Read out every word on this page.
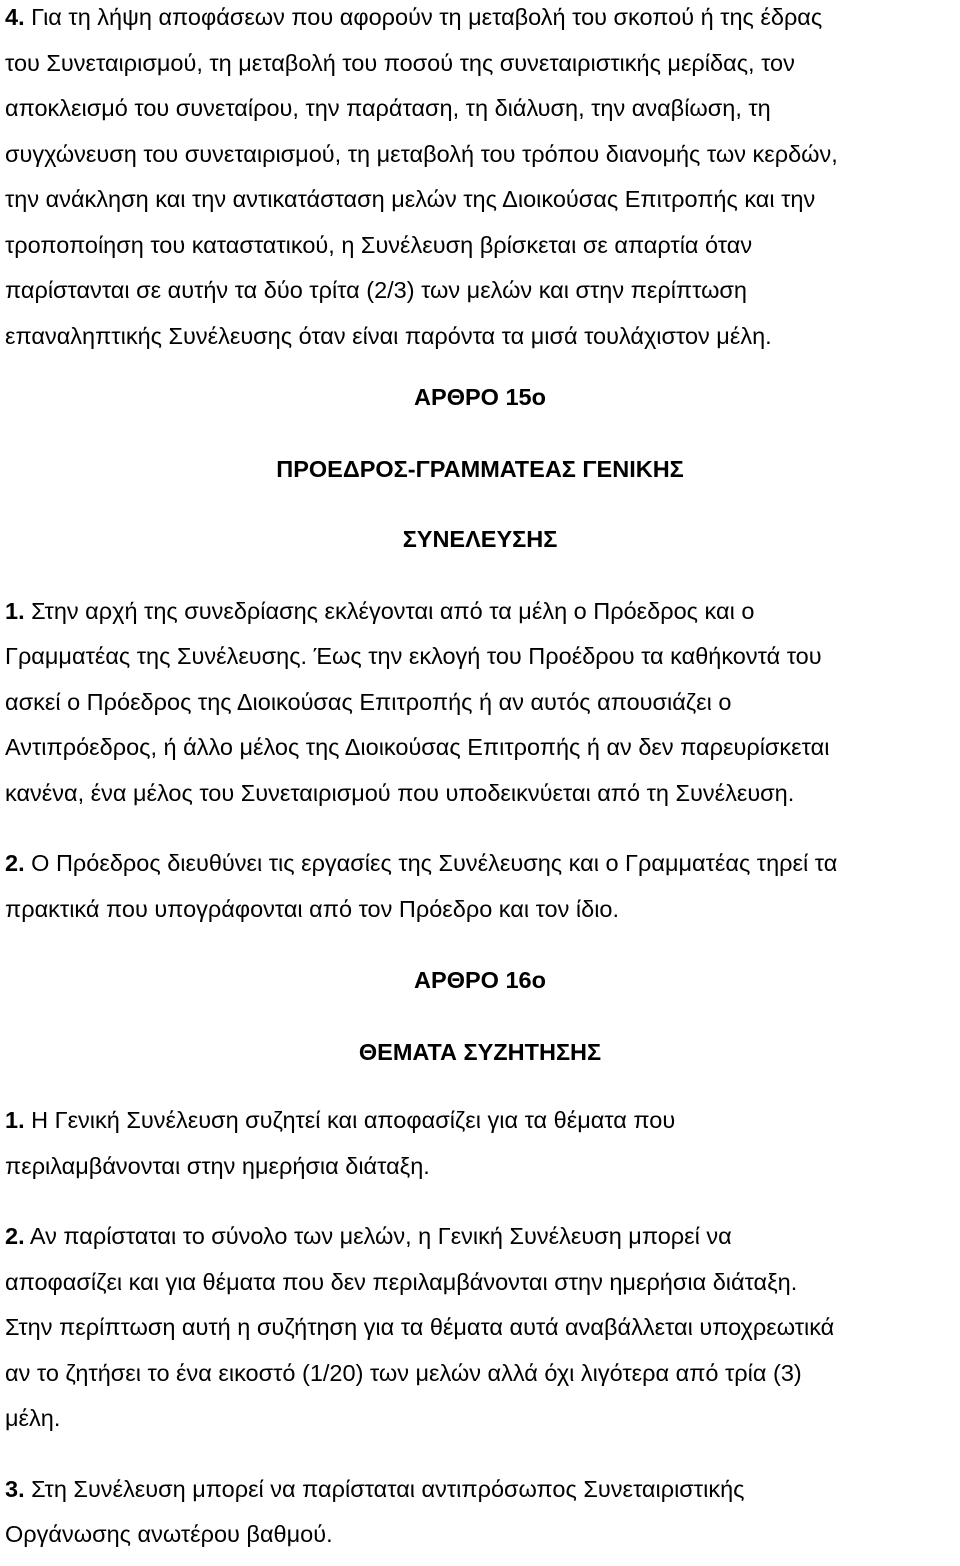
4. Για τη λήψη αποφάσεων που αφορούν τη μεταβολή του σκοπού ή της έδρας
του Συνεταιρισμού, τη μεταβολή του ποσού της συνεταιριστικής μερίδας, τον
αποκλεισμό του συνεταίρου, την παράταση, τη διάλυση, την αναβίωση, τη
συγχώνευση του συνεταιρισμού, τη μεταβολή του τρόπου διανομής των κερδών,
την ανάκληση και την αντικατάσταση μελών της Διοικούσας Επιτροπής και την
τροποποίηση του καταστατικού, η Συνέλευση βρίσκεται σε απαρτία όταν
παρίστανται σε αυτήν τα δύο τρίτα (2/3) των μελών και στην περίπτωση
επαναληπτικής Συνέλευσης όταν είναι παρόντα τα μισά τουλάχιστον μέλη.

ΑΡΘΡΟ 15ο

ΠΡΟΕΔΡΟΣ-ΓΡΑΜΜΑΤΕΑΣ ΓΕΝΙΚΗΣ

ΣΥΝΕΛΕΥΣΗΣ

1. Στην αρχή της συνεδρίασης εκλέγονται από τα μέλη ο Πρόεδρος και ο
Γραμματέας της Συνέλευσης. Έως την εκλογή του Προέδρου τα καθήκοντά του
ασκεί ο Πρόεδρος της Διοικούσας Επιτροπής ή αν αυτός απουσιάζει ο
Αντιπρόεδρος, ή άλλο μέλος της Διοικούσας Επιτροπής ή αν δεν παρευρίσκεται
κανένα, ένα μέλος του Συνεταιρισμού που υποδεικνύεται από τη Συνέλευση.

2. Ο Πρόεδρος διευθύνει τις εργασίες της Συνέλευσης και ο Γραμματέας τηρεί τα
πρακτικά που υπογράφονται από τον Πρόεδρο και τον ίδιο.

ΑΡΘΡΟ 16ο

ΘΕΜΑΤΑ ΣΥΖΗΤΗΣΗΣ

1. Η Γενική Συνέλευση συζητεί και αποφασίζει για τα θέματα που
περιλαμβάνονται στην ημερήσια διάταξη.

2. Αν παρίσταται το σύνολο των μελών, η Γενική Συνέλευση μπορεί να
αποφασίζει και για θέματα που δεν περιλαμβάνονται στην ημερήσια διάταξη.
Στην περίπτωση αυτή η συζήτηση για τα θέματα αυτά αναβάλλεται υποχρεωτικά
αν το ζητήσει το ένα εικοστό (1/20) των μελών αλλά όχι λιγότερα από τρία (3)
μέλη.

3. Στη Συνέλευση μπορεί να παρίσταται αντιπρόσωπος Συνεταιριστικής
Οργάνωσης ανωτέρου βαθμού.
